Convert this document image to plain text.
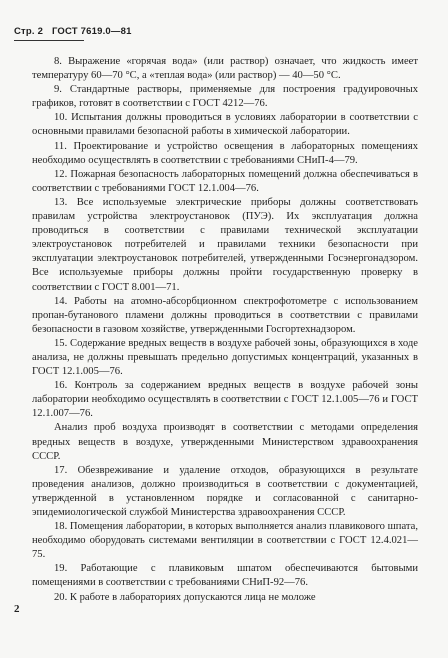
Стр. 2 ГОСТ 7619.0—81

8. Выражение «горячая вода» (или раствор) означает, что жидкость имеет температуру 60—70 °С, а «теплая вода» (или раствор) — 40—50 °С.

9. Стандартные растворы, применяемые для построения градуировочных графиков, готовят в соответствии с ГОСТ 4212—76.

10. Испытания должны проводиться в условиях лаборатории в соответствии с основными правилами безопасной работы в химической лаборатории.

11. Проектирование и устройство освещения в лабораторных помещениях необходимо осуществлять в соответствии с требованиями СНиП-4—79.

12. Пожарная безопасность лабораторных помещений должна обеспечиваться в соответствии с требованиями ГОСТ 12.1.004—76.

13. Все используемые электрические приборы должны соответствовать правилам устройства электроустановок (ПУЭ). Их эксплуатация должна проводиться в соответствии с правилами технической эксплуатации электроустановок потребителей и правилами техники безопасности при эксплуатации электроустановок потребителей, утвержденными Госэнергонадзором. Все используемые приборы должны пройти государственную проверку в соответствии с ГОСТ 8.001—71.

14. Работы на атомно-абсорбционном спектрофотометре с использованием пропан-бутанового пламени должны проводиться в соответствии с правилами безопасности в газовом хозяйстве, утвержденными Госгортехнадзором.

15. Содержание вредных веществ в воздухе рабочей зоны, образующихся в ходе анализа, не должны превышать предельно допустимых концентраций, указанных в ГОСТ 12.1.005—76.

16. Контроль за содержанием вредных веществ в воздухе рабочей зоны лаборатории необходимо осуществлять в соответствии с ГОСТ 12.1.005—76 и ГОСТ 12.1.007—76.

Анализ проб воздуха производят в соответствии с методами определения вредных веществ в воздухе, утвержденными Министерством здравоохранения СССР.

17. Обезвреживание и удаление отходов, образующихся в результате проведения анализов, должно производиться в соответствии с документацией, утвержденной в установленном порядке и согласованной с санитарно-эпидемиологической службой Министерства здравоохранения СССР.

18. Помещения лаборатории, в которых выполняется анализ плавикового шпата, необходимо оборудовать системами вентиляции в соответствии с ГОСТ 12.4.021—75.

19. Работающие с плавиковым шпатом обеспечиваются бытовыми помещениями в соответствии с требованиями СНиП-92—76.

20. К работе в лабораториях допускаются лица не моложе

2
